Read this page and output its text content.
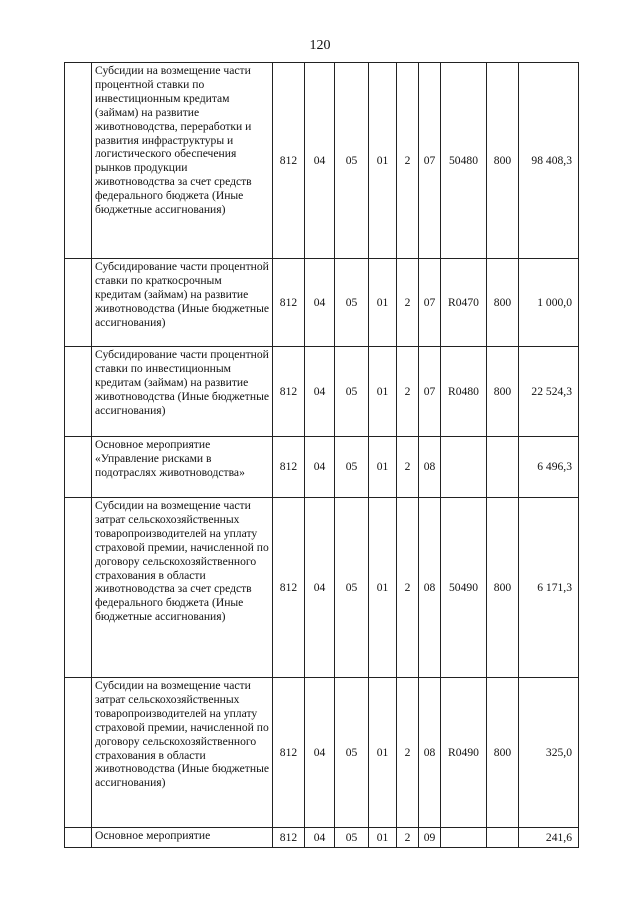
120
	Субсидии на возмещение части процентной ставки по инвестиционным кредитам (займам) на развитие животноводства, переработки и развития инфраструктуры и логистического обеспечения рынков продукции животноводства за счет средств федерального бюджета (Иные бюджетные ассигнования)	812	04	05	01	2	07	50480	800	98 408,3
	Субсидирование части процентной ставки по краткосрочным кредитам (займам) на развитие животноводства (Иные бюджетные ассигнования)	812	04	05	01	2	07	R0470	800	1 000,0
	Субсидирование части процентной ставки по инвестиционным кредитам (займам) на развитие животноводства (Иные бюджетные ассигнования)	812	04	05	01	2	07	R0480	800	22 524,3
	Основное мероприятие «Управление рисками в подотраслях животноводства»	812	04	05	01	2	08			6 496,3
	Субсидии на возмещение части затрат сельскохозяйственных товаропроизводителей на уплату страховой премии, начисленной по договору сельскохозяйственного страхования в области животноводства за счет средств федерального бюджета (Иные бюджетные ассигнования)	812	04	05	01	2	08	50490	800	6 171,3
	Субсидии на возмещение части затрат сельскохозяйственных товаропроизводителей на уплату страховой премии, начисленной по договору сельскохозяйственного страхования в области животноводства (Иные бюджетные ассигнования)	812	04	05	01	2	08	R0490	800	325,0
	Основное мероприятие	812	04	05	01	2	09			241,6
